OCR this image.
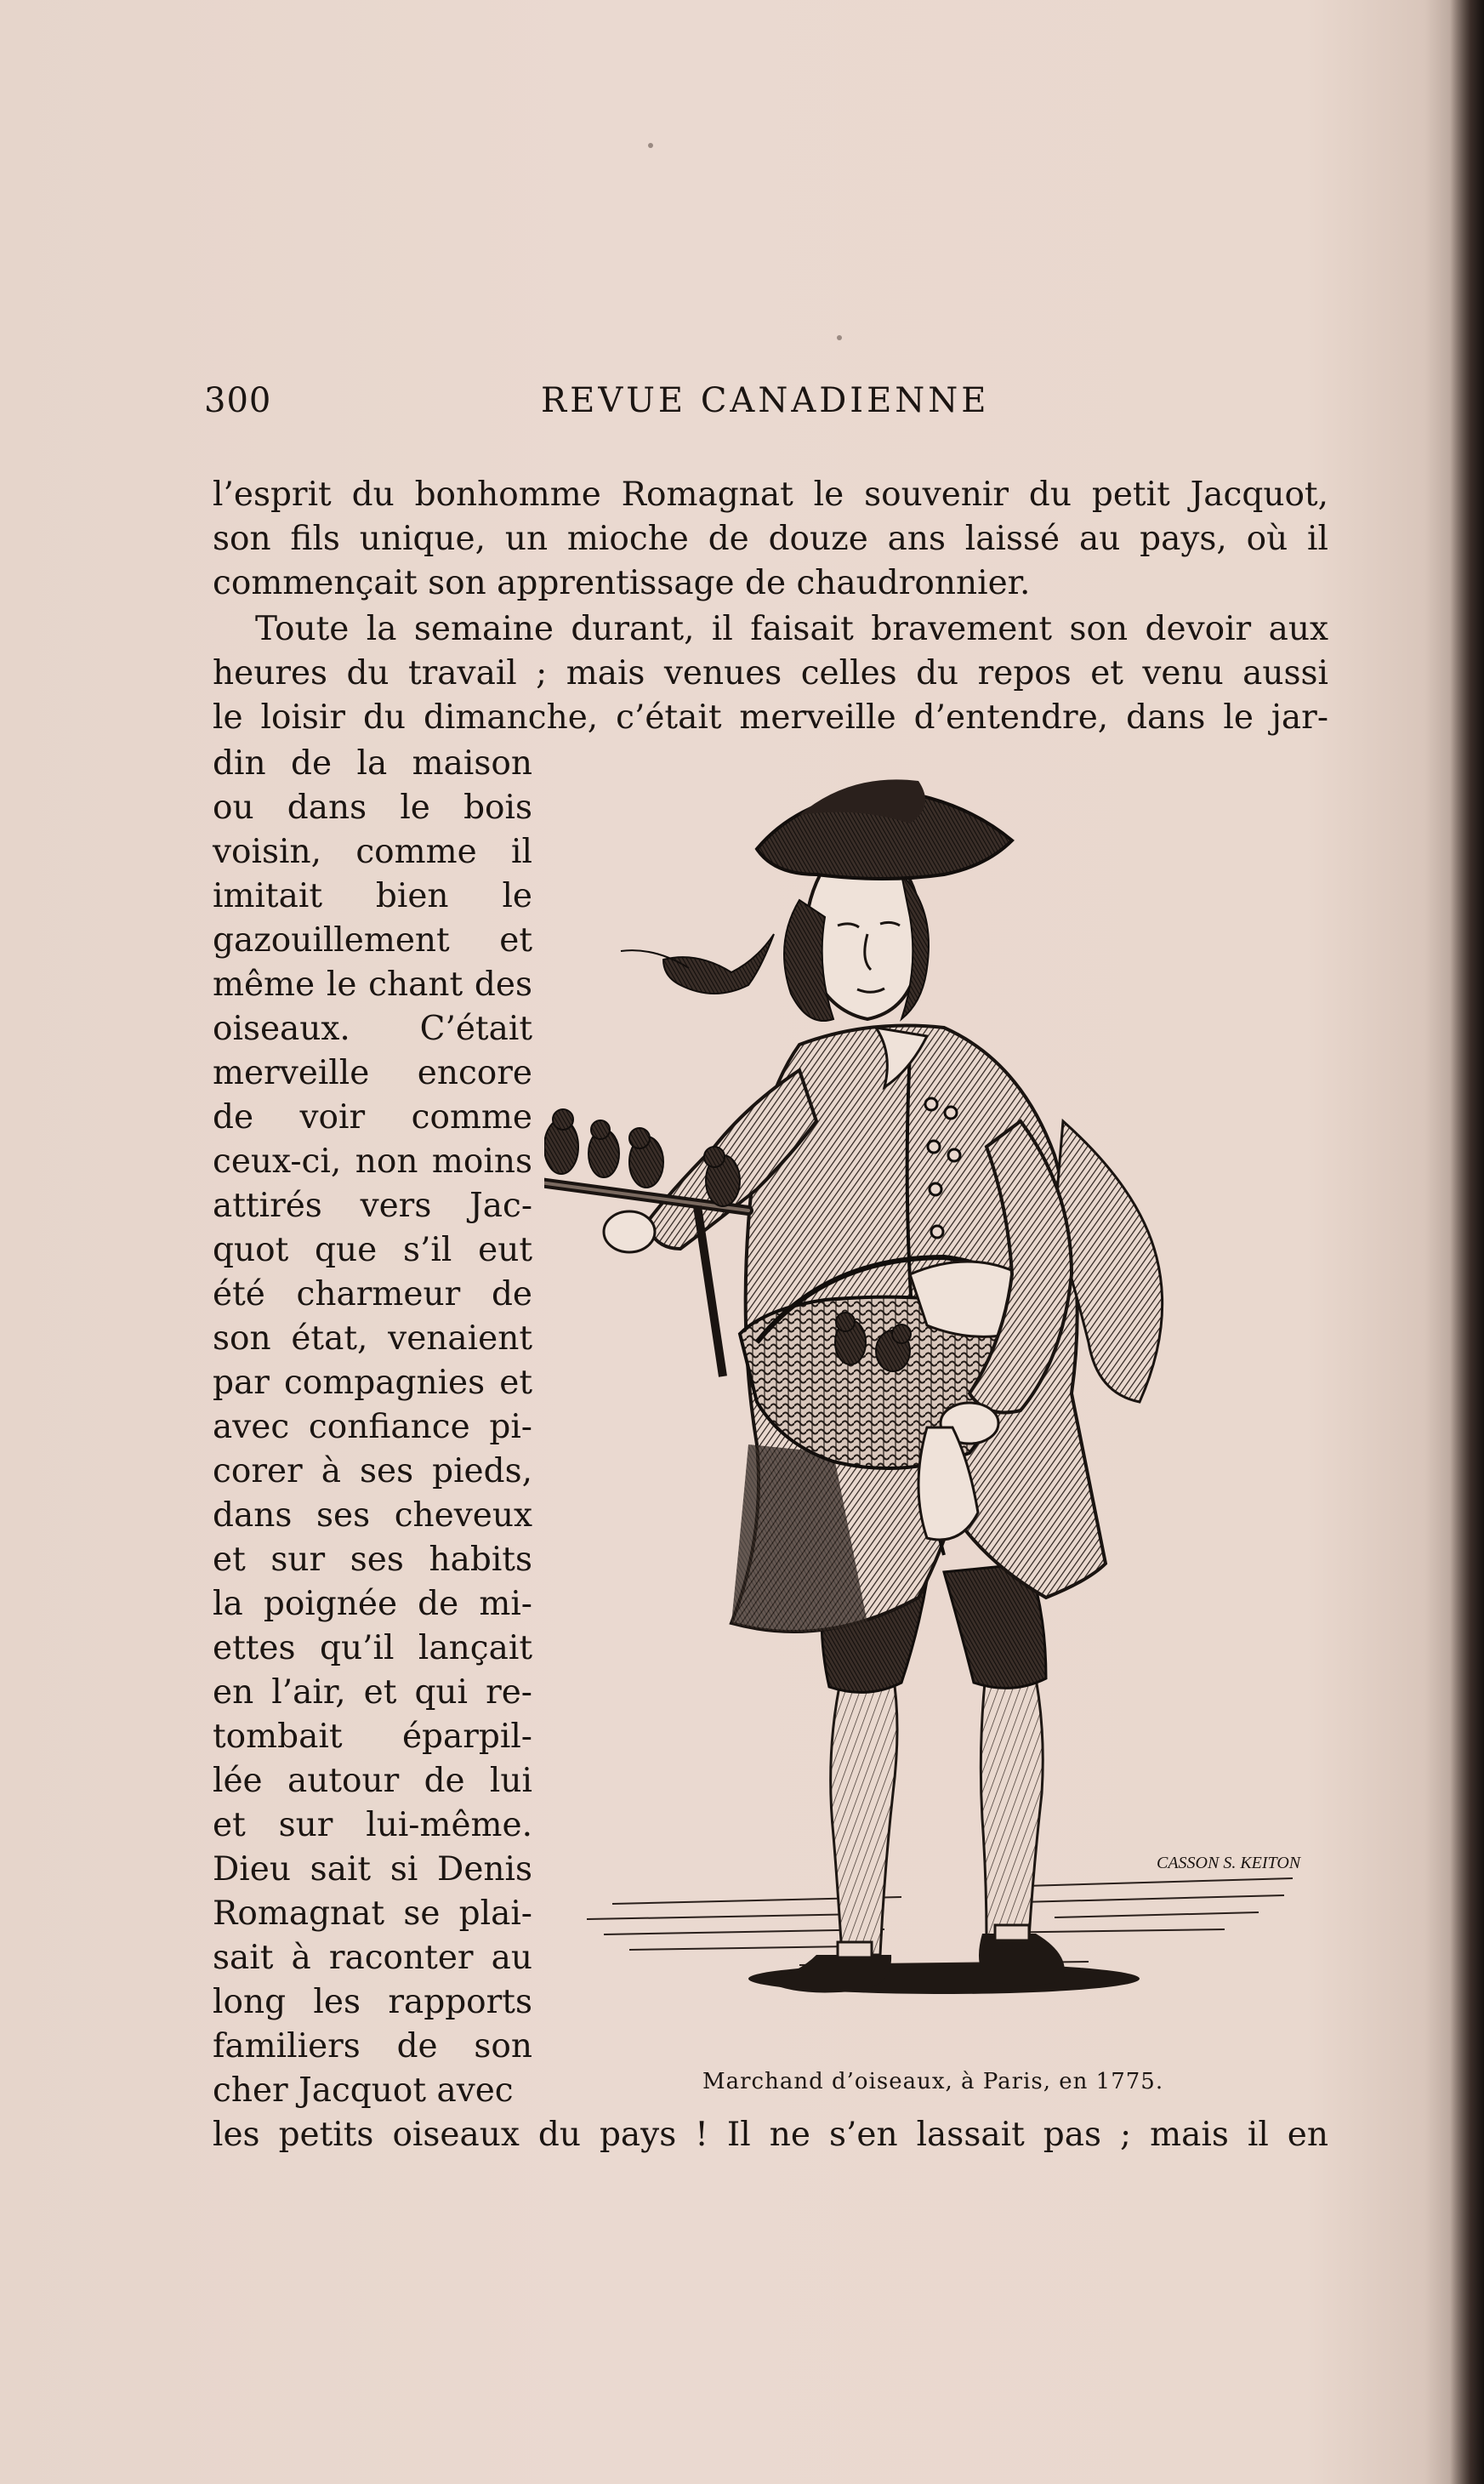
300	REVUE CANADIENNE
l’esprit du bonhomme Romagnat le souvenir du petit Jacquot,
son fils unique, un mioche de douze ans laissé au pays, où il
commençait son apprentissage de chaudronnier.
Toute la semaine durant, il faisait bravement son devoir aux
heures du travail ; mais venues celles du repos et venu aussi
le loisir du dimanche, c’était merveille d’entendre, dans le jar-
din de la maison
ou dans le bois
voisin, comme il
imitait bien le
gazouillement et
même le chant des
oiseaux. C’était
merveille encore
de voir comme
ceux-ci, non moins
attirés vers Jac-
quot que s’il eut
été charmeur de
son état, venaient
par compagnies et
avec confiance pi-
corer à ses pieds,
dans ses cheveux
et sur ses habits
la poignée de mi-
ettes qu’il lançait
en l’air, et qui re-
tombait éparpil-
lée autour de lui
et sur lui-même.
Dieu sait si Denis
Romagnat se plai-
sait à raconter au
long les rapports
familiers de son
cher Jacquot avec
les petits oiseaux du pays ! Il ne s’en lassait pas ; mais il en
CASSON S. KEITON
Marchand d’oiseaux, à Paris, en 1775.
